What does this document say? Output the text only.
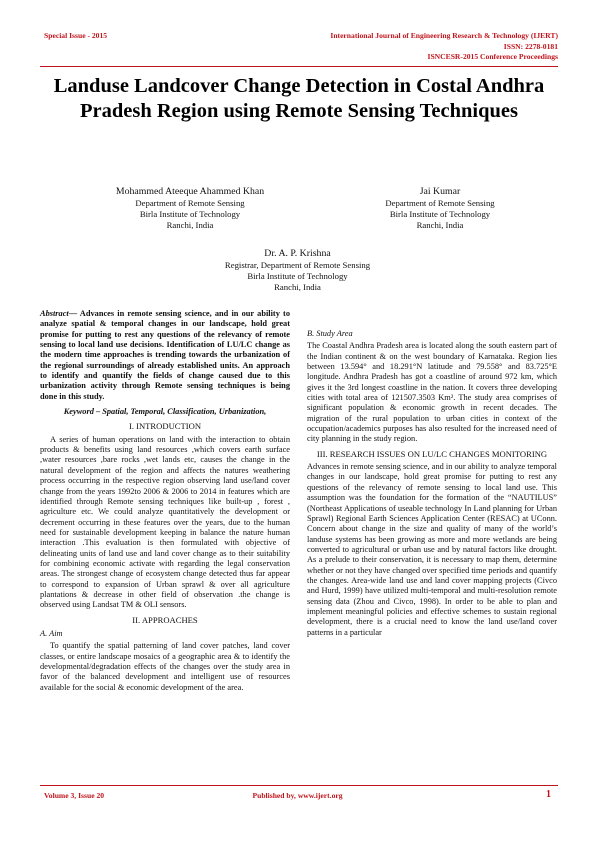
Special Issue - 2015	International Journal of Engineering Research & Technology (IJERT)
ISSN: 2278-0181
ISNCESR-2015 Conference Proceedings
Landuse Landcover Change Detection in Costal Andhra Pradesh Region using Remote Sensing Techniques
Mohammed Ateeque Ahammed Khan
Department of Remote Sensing
Birla Institute of Technology
Ranchi, India
Jai Kumar
Department of Remote Sensing
Birla Institute of Technology
Ranchi, India
Dr. A. P. Krishna
Registrar, Department of Remote Sensing
Birla Institute of Technology
Ranchi, India

Abstract— Advances in remote sensing science, and in our ability to analyze spatial & temporal changes in our landscape, hold great promise for putting to rest any questions of the relevancy of remote sensing to local land use decisions. Identification of LU/LC change as the modern time approaches is trending towards the urbanization of the regional surroundings of already established units. An approach to identify and quantify the fields of change caused due to this urbanization activity through Remote sensing techniques is being done in this study.

Keyword – Spatial, Temporal, Classification, Urbanization,

I. INTRODUCTION

A series of human operations on land with the interaction to obtain products & benefits using land resources ,which covers earth surface ,water resources ,bare rocks ,wet lands etc, causes the change in the natural development of the region and affects the natures weathering process occurring in the respective region observing land use/land cover change from the years 1992to 2006 & 2006 to 2014 in features which are identified through Remote sensing techniques like built-up , forest , agriculture etc. We could analyze quantitatively the development or decrement occurring in these features over the years, due to the human need for sustainable development keeping in balance the nature human interaction .This evaluation is then formulated with objective of delineating units of land use and land cover change as to their suitability for combining economic activate with regarding the legal conservation areas. The strongest change of ecosystem change detected thus far appear to correspond to expansion of Urban sprawl & over all agriculture plantations & decrease in other field of observation .the change is observed using Landsat TM & OLI sensors.

II. APPROACHES

A. Aim

To quantify the spatial patterning of land cover patches, land cover classes, or entire landscape mosaics of a geographic area & to identify the developmental/degradation effects of the changes over the study area in favor of the balanced development and intelligent use of resources available for the social & economic development of the area.

B. Study Area

The Coastal Andhra Pradesh area is located along the south eastern part of the Indian continent & on the west boundary of Karnataka. Region lies between 13.594° and 18.291°N latitude and 79.558° and 83.725°E longitude. Andhra Pradesh has got a coastline of around 972 km, which gives it the 3rd longest coastline in the nation. It covers three developing cities with total area of 121507.3503 Km². The study area comprises of significant population & economic growth in recent decades. The migration of the rural population to urban cities in context of the occupation/academics purposes has also resulted for the increased need of city planning in the study region.

III. RESEARCH ISSUES ON LU/LC CHANGES MONITORING

Advances in remote sensing science, and in our ability to analyze temporal changes in our landscape, hold great promise for putting to rest any questions of the relevancy of remote sensing to local land use. This assumption was the foundation for the formation of the “NAUTILUS” (Northeast Applications of useable technology In Land planning for Urban Sprawl) Regional Earth Sciences Application Center (RESAC) at UConn. Concern about change in the size and quality of many of the world’s landuse systems has been growing as more and more wetlands are being converted to agricultural or urban use and by natural factors like drought. As a prelude to their conservation, it is necessary to map them, determine whether or not they have changed over specified time periods and quantify the changes. Area-wide land use and land cover mapping projects (Civco and Hurd, 1999) have utilized multi-temporal and multi-resolution remote sensing data (Zhou and Civco, 1998). In order to be able to plan and implement meaningful policies and effective schemes to sustain regional development, there is a crucial need to know the land use/land cover patterns in a particular

Volume 3, Issue 20	Published by, www.ijert.org	1
